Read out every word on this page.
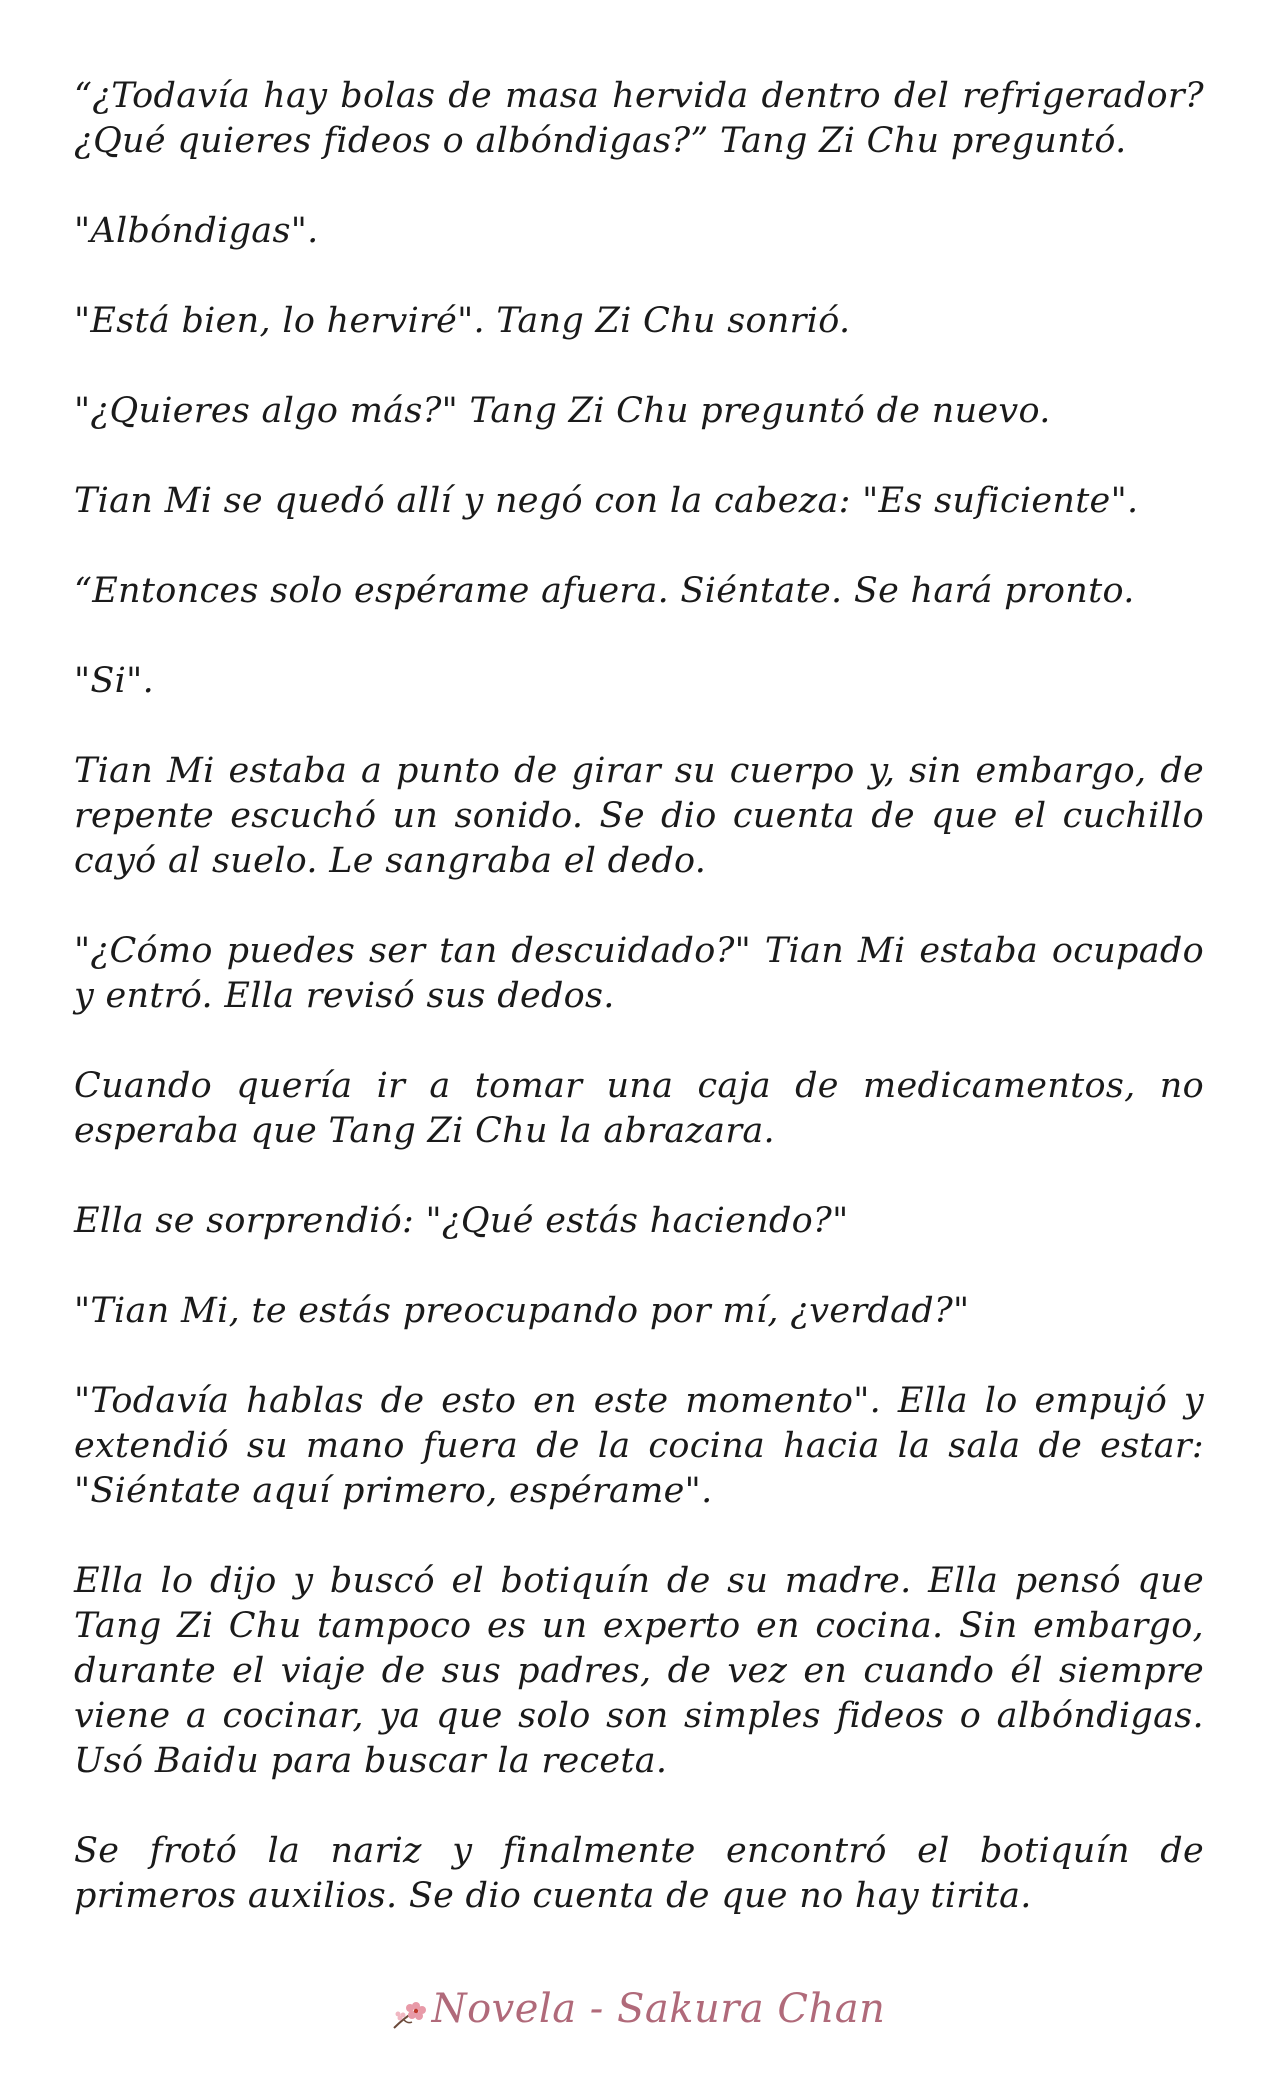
“¿Todavía hay bolas de masa hervida dentro del refrigerador? ¿Qué quieres fideos o albóndigas?” Tang Zi Chu preguntó.

"Albóndigas".

"Está bien, lo herviré". Tang Zi Chu sonrió.

"¿Quieres algo más?" Tang Zi Chu preguntó de nuevo.

Tian Mi se quedó allí y negó con la cabeza: "Es suficiente".

“Entonces solo espérame afuera. Siéntate. Se hará pronto.

"Si".

Tian Mi estaba a punto de girar su cuerpo y, sin embargo, de repente escuchó un sonido. Se dio cuenta de que el cuchillo cayó al suelo. Le sangraba el dedo.

"¿Cómo puedes ser tan descuidado?" Tian Mi estaba ocupado y entró. Ella revisó sus dedos.

Cuando quería ir a tomar una caja de medicamentos, no esperaba que Tang Zi Chu la abrazara.

Ella se sorprendió: "¿Qué estás haciendo?"

"Tian Mi, te estás preocupando por mí, ¿verdad?"

"Todavía hablas de esto en este momento". Ella lo empujó y extendió su mano fuera de la cocina hacia la sala de estar: "Siéntate aquí primero, espérame".

Ella lo dijo y buscó el botiquín de su madre. Ella pensó que Tang Zi Chu tampoco es un experto en cocina. Sin embargo, durante el viaje de sus padres, de vez en cuando él siempre viene a cocinar, ya que solo son simples fideos o albóndigas. Usó Baidu para buscar la receta.

Se frotó la nariz y finalmente encontró el botiquín de primeros auxilios. Se dio cuenta de que no hay tirita.

Novela - Sakura Chan
